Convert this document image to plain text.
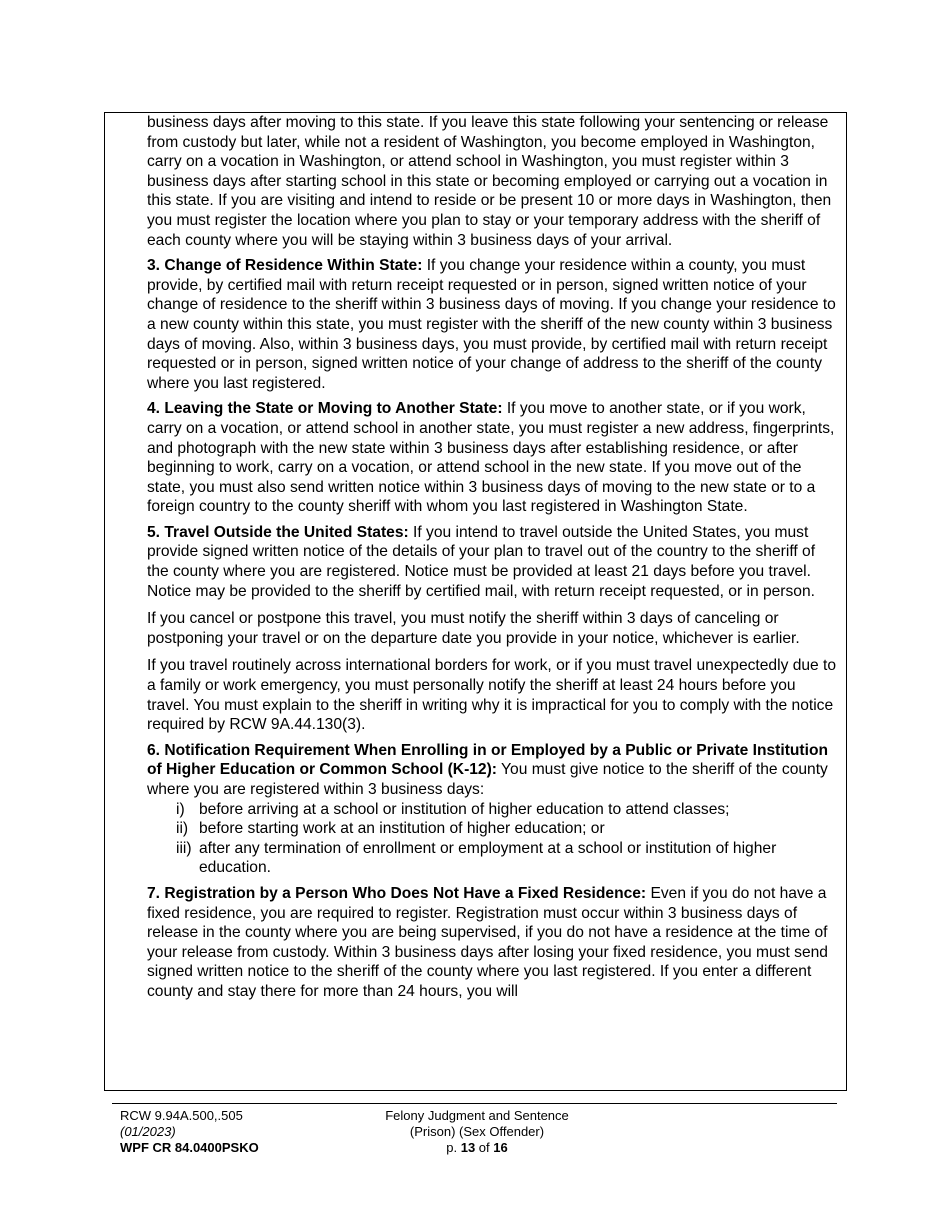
business days after moving to this state. If you leave this state following your sentencing or release from custody but later, while not a resident of Washington, you become employed in Washington, carry on a vocation in Washington, or attend school in Washington, you must register within 3 business days after starting school in this state or becoming employed or carrying out a vocation in this state. If you are visiting and intend to reside or be present 10 or more days in Washington, then you must register the location where you plan to stay or your temporary address with the sheriff of each county where you will be staying within 3 business days of your arrival.

3. Change of Residence Within State: If you change your residence within a county, you must provide, by certified mail with return receipt requested or in person, signed written notice of your change of residence to the sheriff within 3 business days of moving. If you change your residence to a new county within this state, you must register with the sheriff of the new county within 3 business days of moving. Also, within 3 business days, you must provide, by certified mail with return receipt requested or in person, signed written notice of your change of address to the sheriff of the county where you last registered.

4. Leaving the State or Moving to Another State: If you move to another state, or if you work, carry on a vocation, or attend school in another state, you must register a new address, fingerprints, and photograph with the new state within 3 business days after establishing residence, or after beginning to work, carry on a vocation, or attend school in the new state. If you move out of the state, you must also send written notice within 3 business days of moving to the new state or to a foreign country to the county sheriff with whom you last registered in Washington State.

5. Travel Outside the United States: If you intend to travel outside the United States, you must provide signed written notice of the details of your plan to travel out of the country to the sheriff of the county where you are registered. Notice must be provided at least 21 days before you travel. Notice may be provided to the sheriff by certified mail, with return receipt requested, or in person.

If you cancel or postpone this travel, you must notify the sheriff within 3 days of canceling or postponing your travel or on the departure date you provide in your notice, whichever is earlier.

If you travel routinely across international borders for work, or if you must travel unexpectedly due to a family or work emergency, you must personally notify the sheriff at least 24 hours before you travel. You must explain to the sheriff in writing why it is impractical for you to comply with the notice required by RCW 9A.44.130(3).

6. Notification Requirement When Enrolling in or Employed by a Public or Private Institution of Higher Education or Common School (K-12): You must give notice to the sheriff of the county where you are registered within 3 business days:

i) before arriving at a school or institution of higher education to attend classes;
ii) before starting work at an institution of higher education; or
iii) after any termination of enrollment or employment at a school or institution of higher education.

7. Registration by a Person Who Does Not Have a Fixed Residence: Even if you do not have a fixed residence, you are required to register. Registration must occur within 3 business days of release in the county where you are being supervised, if you do not have a residence at the time of your release from custody. Within 3 business days after losing your fixed residence, you must send signed written notice to the sheriff of the county where you last registered. If you enter a different county and stay there for more than 24 hours, you will

RCW 9.94A.500,.505
(01/2023)
WPF CR 84.0400PSKO
Felony Judgment and Sentence
(Prison) (Sex Offender)
p. 13 of 16
